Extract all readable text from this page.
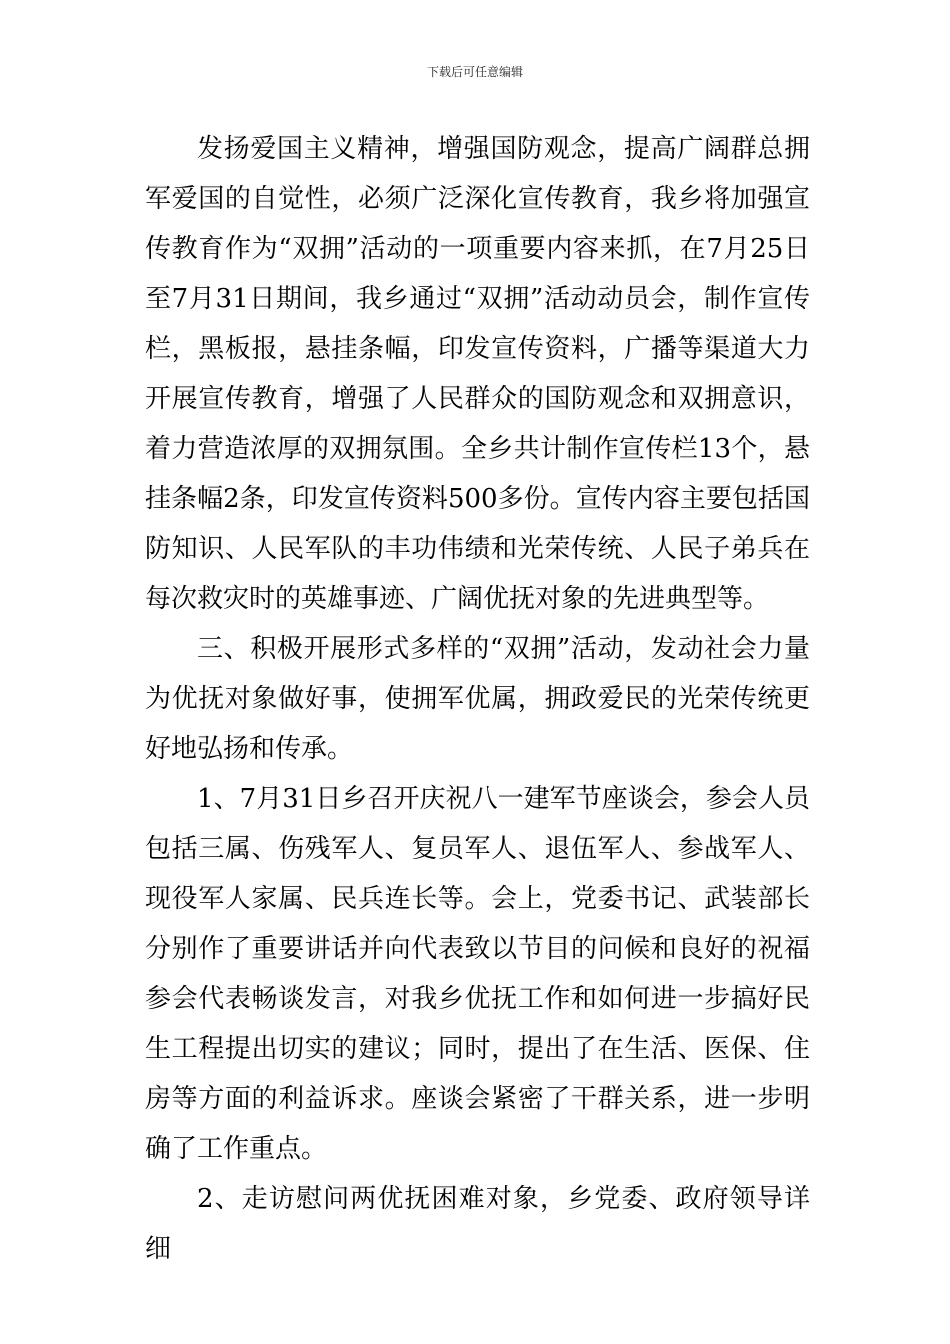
下载后可任意编辑

发扬爱国主义精神，增强国防观念，提高广阔群总拥军爱国的自觉性，必须广泛深化宣传教育，我乡将加强宣传教育作为“双拥”活动的一项重要内容来抓，在7月25日至7月31日期间，我乡通过“双拥”活动动员会，制作宣传栏，黑板报，悬挂条幅，印发宣传资料，广播等渠道大力开展宣传教育，增强了人民群众的国防观念和双拥意识，着力营造浓厚的双拥氛围。全乡共计制作宣传栏13个，悬挂条幅2条，印发宣传资料500多份。宣传内容主要包括国防知识、人民军队的丰功伟绩和光荣传统、人民子弟兵在每次救灾时的英雄事迹、广阔优抚对象的先进典型等。

三、积极开展形式多样的“双拥”活动，发动社会力量为优抚对象做好事，使拥军优属，拥政爱民的光荣传统更好地弘扬和传承。

1、7月31日乡召开庆祝八一建军节座谈会，参会人员包括三属、伤残军人、复员军人、退伍军人、参战军人、现役军人家属、民兵连长等。会上，党委书记、武装部长分别作了重要讲话并向代表致以节目的问候和良好的祝福参会代表畅谈发言，对我乡优抚工作和如何进一步搞好民生工程提出切实的建议；同时，提出了在生活、医保、住房等方面的利益诉求。座谈会紧密了干群关系，进一步明确了工作重点。

2、走访慰问两优抚困难对象，乡党委、政府领导详细
